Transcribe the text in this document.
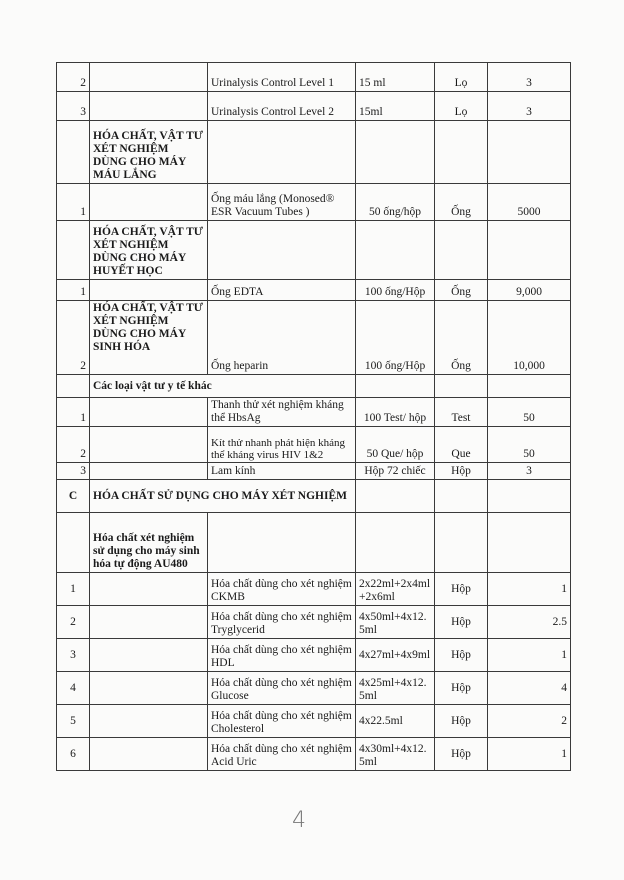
2		Urinalysis Control Level 1	15 ml	Lọ	3
3		Urinalysis Control Level 2	15ml	Lọ	3
	HÓA CHẤT, VẬT TƯ XÉT NGHIỆM DÙNG CHO MÁY MÁU LẮNG				
1		Ống máu lắng (Monosed® ESR Vacuum Tubes )	50 ống/hộp	Ống	5000
	HÓA CHẤT, VẬT TƯ XÉT NGHIỆM DÙNG CHO MÁY HUYẾT HỌC				
1		Ống EDTA	100 ống/Hộp	Ống	9,000
2	HÓA CHẤT, VẬT TƯ XÉT NGHIỆM DÙNG CHO MÁY SINH HÓA	Ống heparin	100 ống/Hộp	Ống	10,000
	Các loại vật tư y tế khác				
1		Thanh thử xét nghiệm kháng thể HbsAg	100 Test/ hộp	Test	50
2		Kít thử nhanh phát hiện kháng thể kháng virus HIV 1&2	50 Que/ hộp	Que	50
3		Lam kính	Hộp 72 chiếc	Hộp	3
C	HÓA CHẤT SỬ DỤNG CHO MÁY XÉT NGHIỆM				
	Hóa chất xét nghiệm sử dụng cho máy sinh hóa tự động AU480				
1		Hóa chất dùng cho xét nghiệm CKMB	2x22ml+2x4ml +2x6ml	Hộp	1
2		Hóa chất dùng cho xét nghiệm Tryglycerid	4x50ml+4x12. 5ml	Hộp	2.5
3		Hóa chất dùng cho xét nghiệm HDL	4x27ml+4x9ml	Hộp	1
4		Hóa chất dùng cho xét nghiệm Glucose	4x25ml+4x12. 5ml	Hộp	4
5		Hóa chất dùng cho xét nghiệm Cholesterol	4x22.5ml	Hộp	2
6		Hóa chất dùng cho xét nghiệm Acid Uric	4x30ml+4x12. 5ml	Hộp	1
4
